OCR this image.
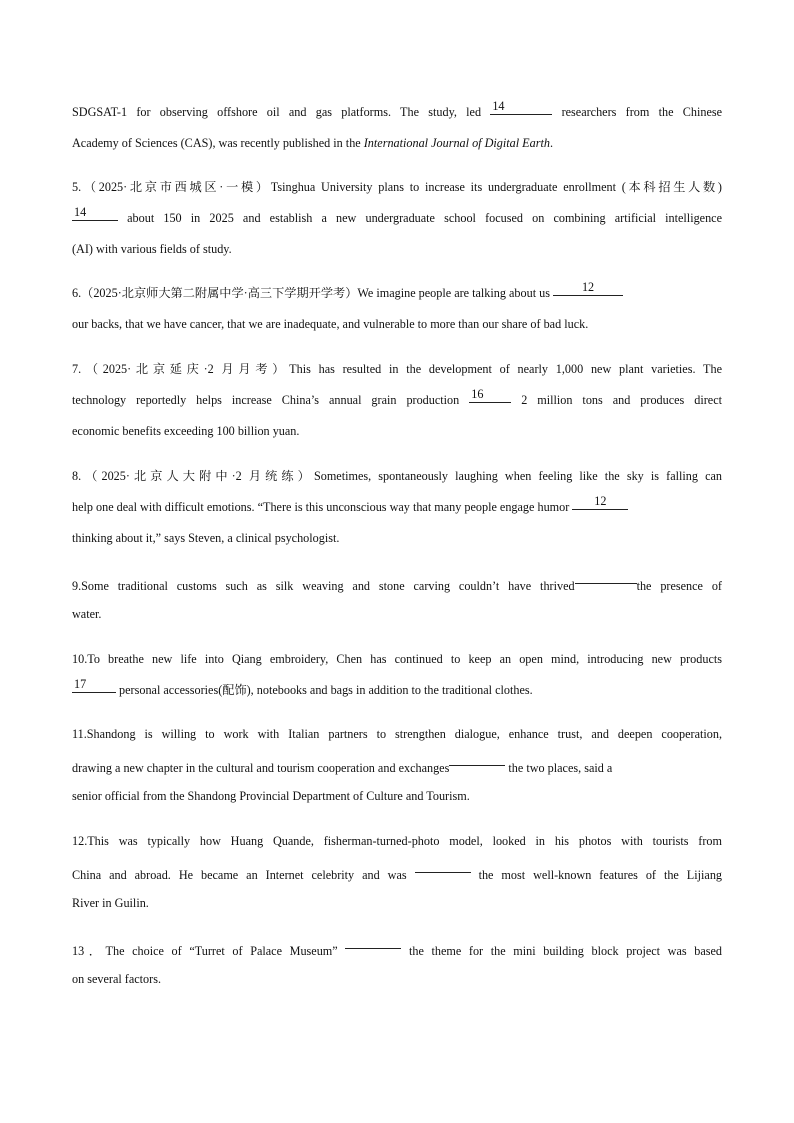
SDGSAT-1 for observing offshore oil and gas platforms. The study, led 14	researchers from the Chinese
Academy of Sciences (CAS), was recently published in the International Journal of Digital Earth.
5.（2025·北京市西城区·一模）Tsinghua University plans to increase its undergraduate enrollment (本科招生人数)
14	about 150 in 2025 and establish a new undergraduate school focused on combining artificial intelligence
(AI) with various fields of study.
6.（2025·北京师大第二附属中学·高三下学期开学考）We imagine people are talking about us 12
our backs, that we have cancer, that we are inadequate, and vulnerable to more than our share of bad luck.
7.（2025·北京延庆·2 月月考）This has resulted in the development of nearly 1,000 new plant varieties. The
technology reportedly helps increase China’s annual grain production 16 2 million tons and produces direct
economic benefits exceeding 100 billion yuan.
8.（2025·北京人大附中·2 月统练）Sometimes, spontaneously laughing when feeling like the sky is falling can
help one deal with difficult emotions. “There is this unconscious way that many people engage humor 12
thinking about it,” says Steven, a clinical psychologist.
9.Some traditional customs such as silk weaving and stone carving couldn’t have thrived	the presence of
water.
10.To breathe new life into Qiang embroidery, Chen has continued to keep an open mind, introducing new products
17 personal accessories(配饰), notebooks and bags in addition to the traditional clothes.
11.Shandong is willing to work with Italian partners to strengthen dialogue, enhance trust, and deepen cooperation,
drawing a new chapter in the cultural and tourism cooperation and exchanges	the two places, said a
senior official from the Shandong Provincial Department of Culture and Tourism.
12.This was typically how Huang Quande, fisherman-turned-photo model, looked in his photos with tourists from
China and abroad. He became an Internet celebrity and was	the most well-known features of the Lijiang
River in Guilin.
13．The choice of “Turret of Palace Museum”	the theme for the mini building block project was based
on several factors.
